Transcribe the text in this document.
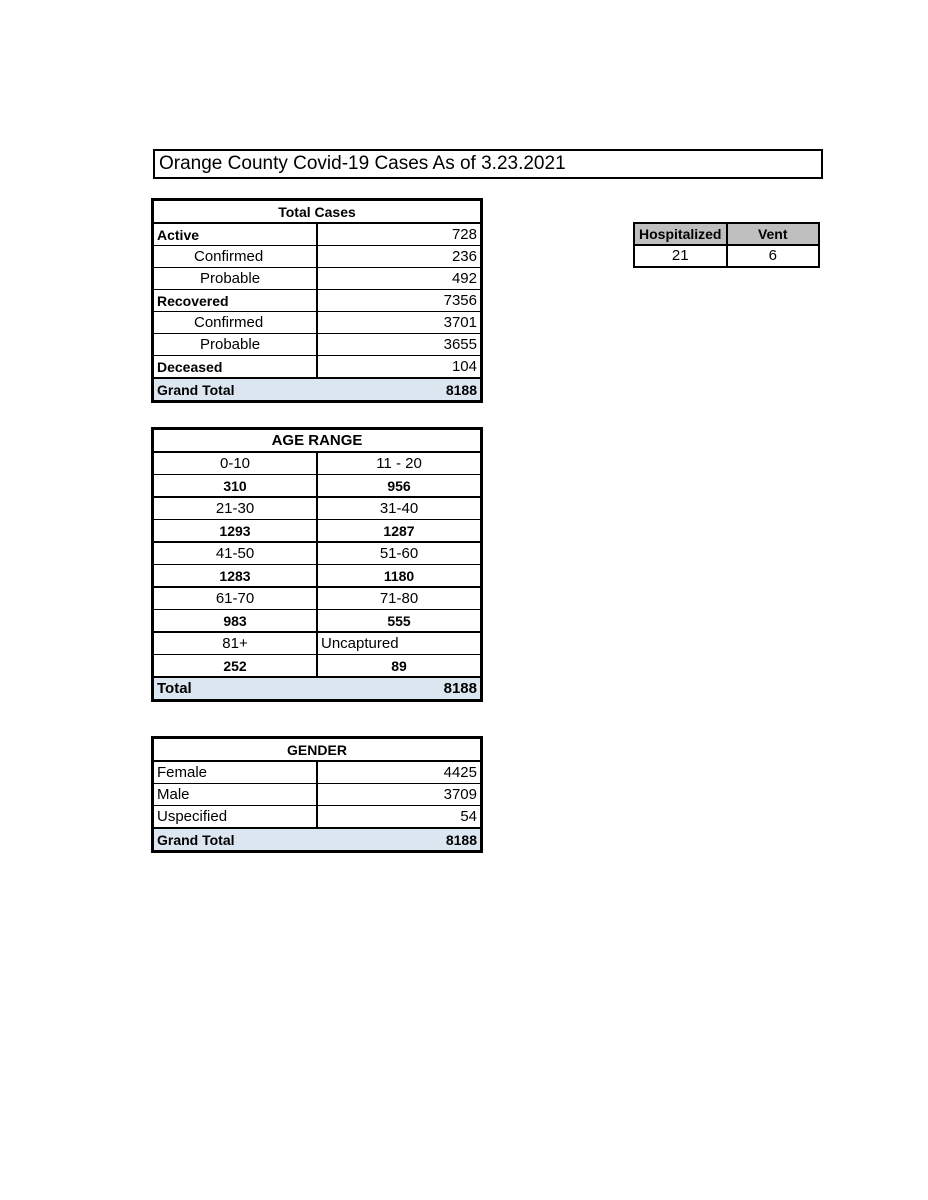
Orange County Covid-19 Cases As of 3.23.2021
Total Cases	
Active	728
Confirmed	236
Probable	492
Recovered	7356
Confirmed	3701
Probable	3655
Deceased	104
Grand Total	8188
Hospitalized	Vent
21	6
AGE RANGE	
0-10	11 - 20
310	956
21-30	31-40
1293	1287
41-50	51-60
1283	1180
61-70	71-80
983	555
81+	Uncaptured
252	89
Total	8188
GENDER	
Female	4425
Male	3709
Uspecified	54
Grand Total	8188
